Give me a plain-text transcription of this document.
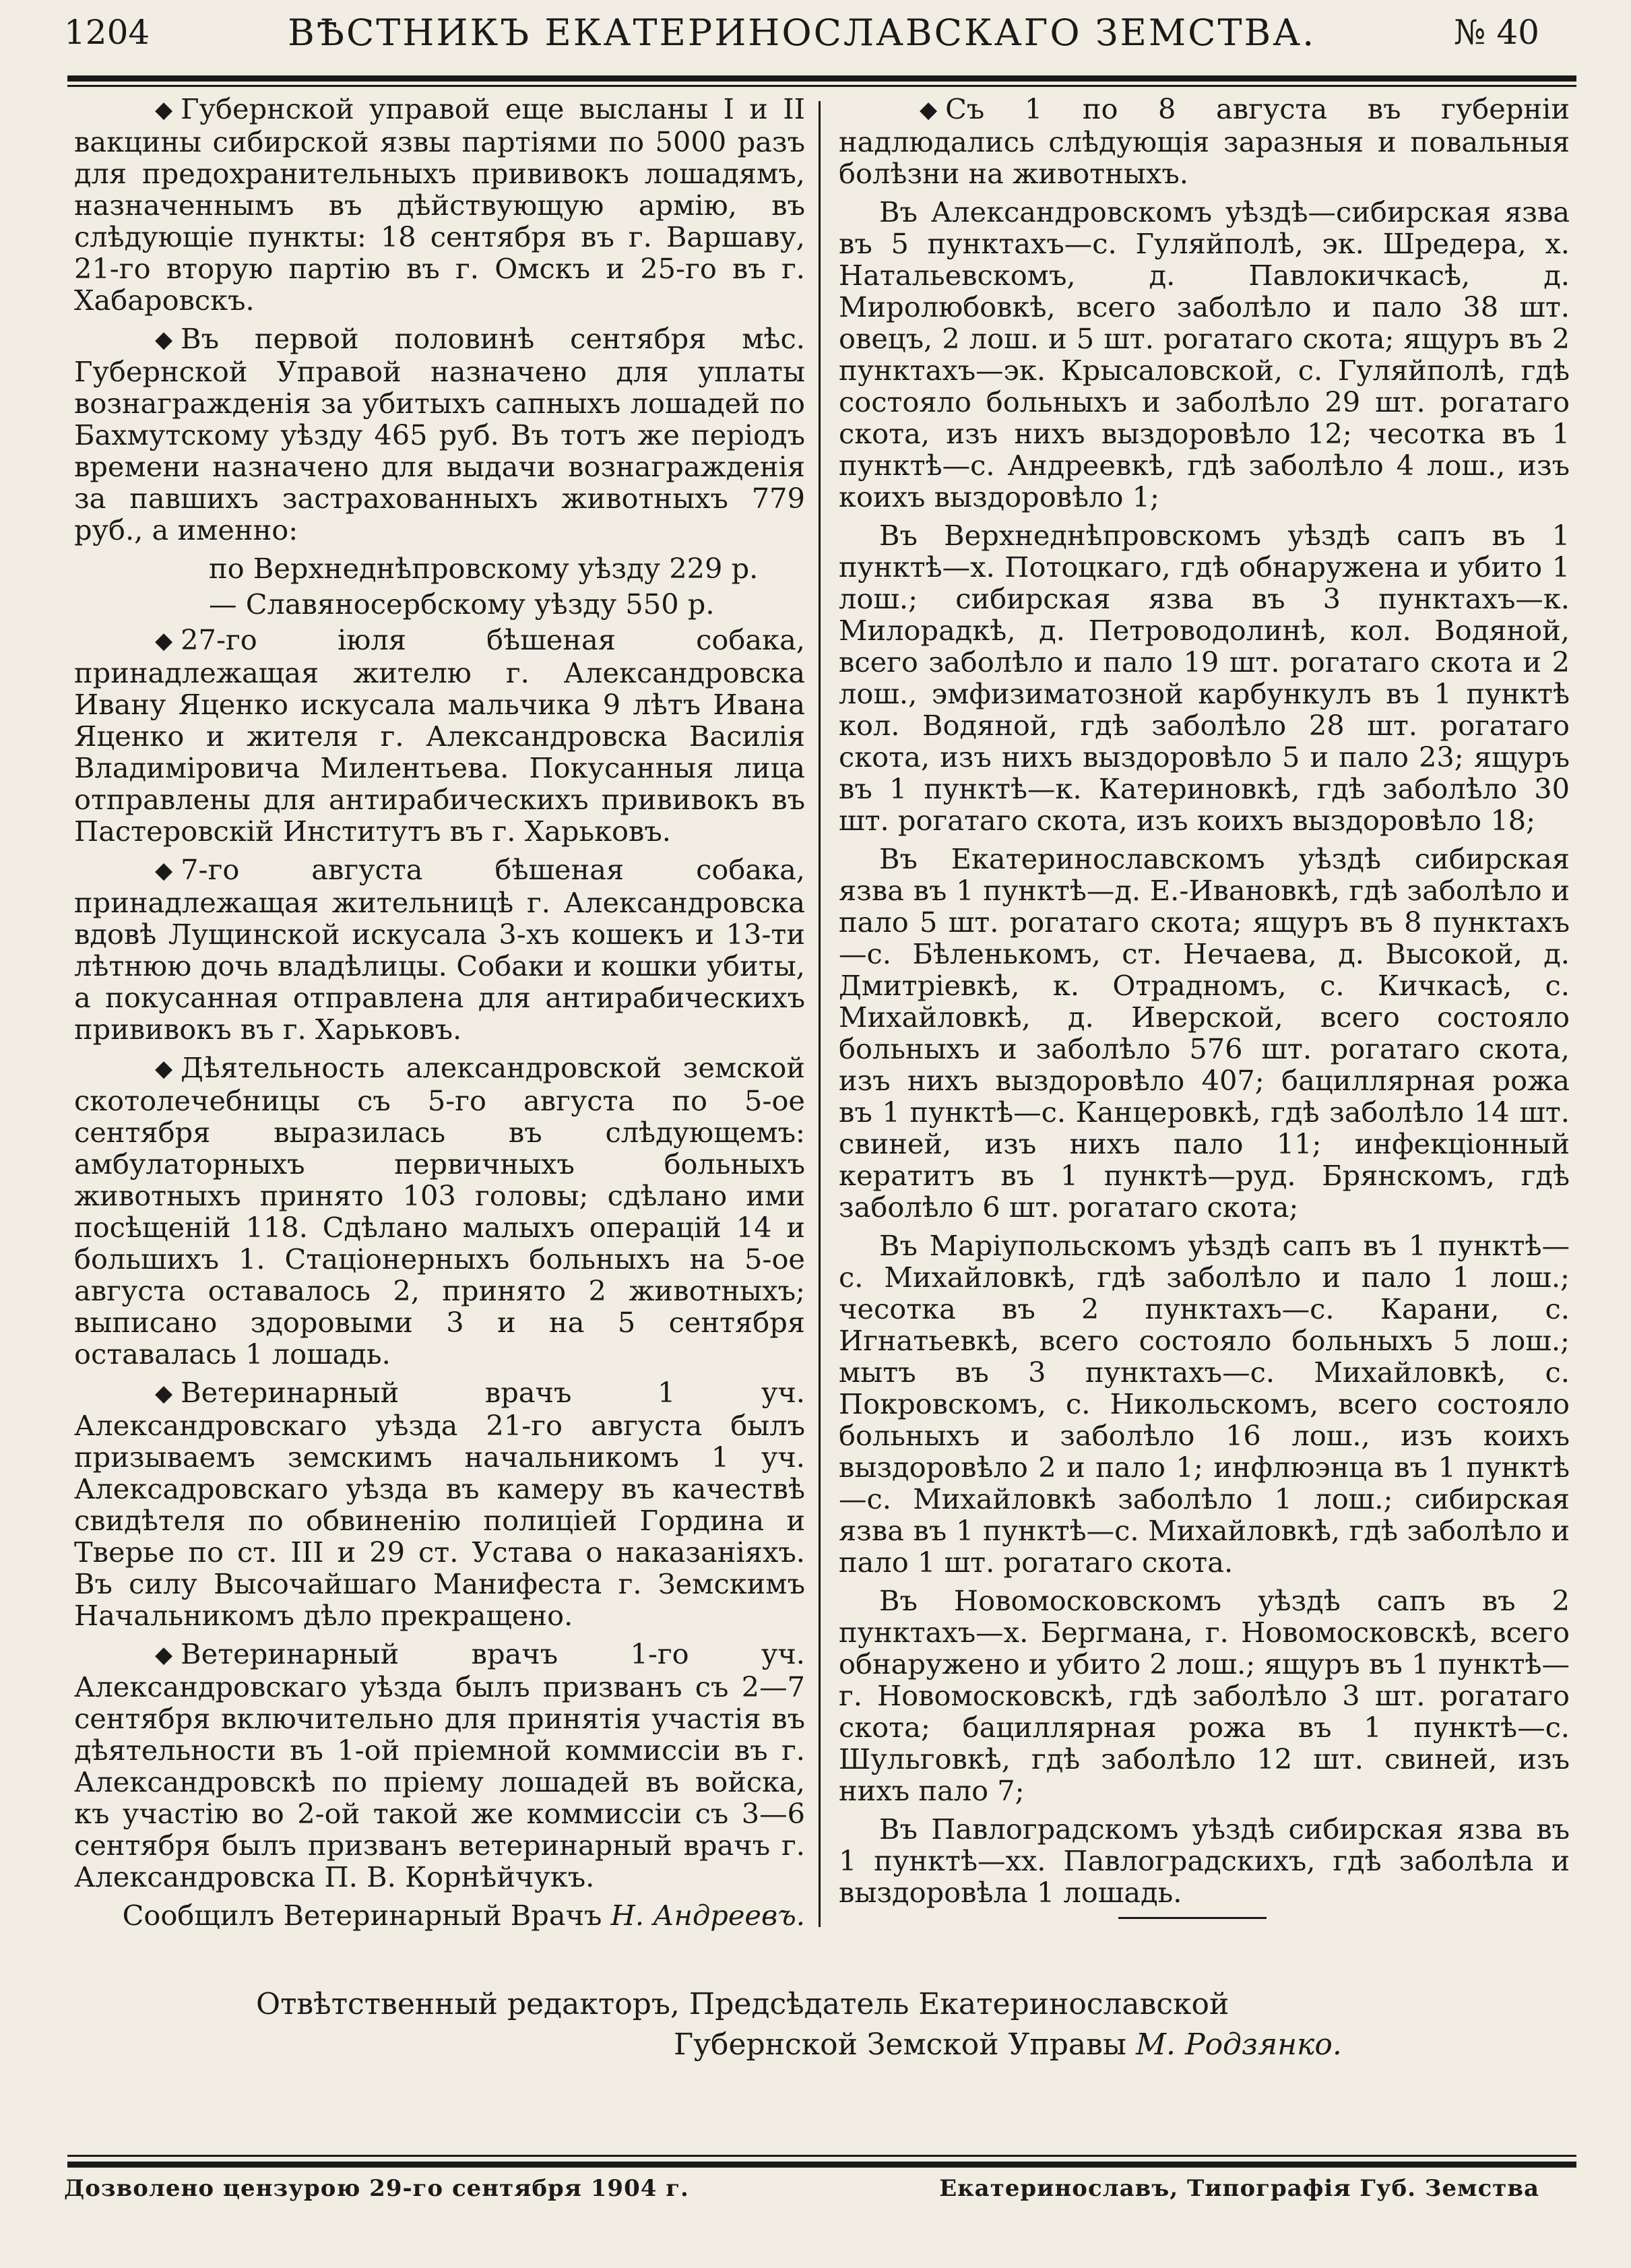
1204	ВѢСТНИКЪ ЕКАТЕРИНОСЛАВСКАГО ЗЕМСТВА.	№ 40

◆ Губернской управой еще высланы I и II вакцины сибирской язвы партіями по 5000 разъ для предохранительныхъ прививокъ лошадямъ, назначеннымъ въ дѣйствующую армію, въ слѣдующіе пункты: 18 сентября въ г. Варшаву, 21-го вторую партію въ г. Омскъ и 25-го въ г. Хабаровскъ.

◆ Въ первой половинѣ сентября мѣс. Губернской Управой назначено для уплаты вознагражденія за убитыхъ сапныхъ лошадей по Бахмутскому уѣзду 465 руб. Въ тотъ же періодъ времени назначено для выдачи вознагражденія за павшихъ застрахованныхъ животныхъ 779 руб., а именно:

по Верхнеднѣпровскому уѣзду 229 р.

— Славяносербскому уѣзду 550 р.

◆ 27-го іюля бѣшеная собака, принадлежащая жителю г. Александровска Ивану Яценко искусала мальчика 9 лѣтъ Ивана Яценко и жителя г. Александровска Василія Владиміровича Милентьева. Покусанныя лица отправлены для антирабическихъ прививокъ въ Пастеровскій Институтъ въ г. Харьковъ.

◆ 7-го августа бѣшеная собака, принадлежащая жительницѣ г. Александровска вдовѣ Лущинской искусала 3-хъ кошекъ и 13-ти лѣтнюю дочь владѣлицы. Собаки и кошки убиты, а покусанная отправлена для антирабическихъ прививокъ въ г. Харьковъ.

◆ Дѣятельность александровской земской скотолечебницы съ 5-го августа по 5-ое сентября выразилась въ слѣдующемъ: амбулаторныхъ первичныхъ больныхъ животныхъ принято 103 головы; сдѣлано ими посѣщеній 118. Сдѣлано малыхъ операцій 14 и большихъ 1. Стаціонерныхъ больныхъ на 5-ое августа оставалось 2, принято 2 животныхъ; выписано здоровыми 3 и на 5 сентября оставалась 1 лошадь.

◆ Ветеринарный врачъ 1 уч. Александровскаго уѣзда 21-го августа былъ призываемъ земскимъ начальникомъ 1 уч. Алексадровскаго уѣзда въ камеру въ качествѣ свидѣтеля по обвиненію полиціей Гордина и Тверье по ст. III и 29 ст. Устава о наказаніяхъ. Въ силу Высочайшаго Манифеста г. Земскимъ Начальникомъ дѣло прекращено.

◆ Ветеринарный врачъ 1-го уч. Александровскаго уѣзда былъ призванъ съ 2—7 сентября включительно для принятія участія въ дѣятельности въ 1-ой пріемной коммиссіи въ г. Александровскѣ по пріему лошадей въ войска, къ участію во 2-ой такой же коммиссіи съ 3—6 сентября былъ призванъ ветеринарный врачъ г. Александровска П. В. Корнѣйчукъ.

Сообщилъ Ветеринарный Врачъ Н. Андреевъ.

◆ Съ 1 по 8 августа въ губерніи надлюдались слѣдующія заразныя и повальныя болѣзни на животныхъ.

Въ Александровскомъ уѣздѣ—сибирская язва въ 5 пунктахъ—с. Гуляйполѣ, эк. Шредера, х. Натальевскомъ, д. Павлокичкасѣ, д. Миролюбовкѣ, всего заболѣло и пало 38 шт. овецъ, 2 лош. и 5 шт. рогатаго скота; ящуръ въ 2 пунктахъ—эк. Крысаловской, с. Гуляйполѣ, гдѣ состояло больныхъ и заболѣло 29 шт. рогатаго скота, изъ нихъ выздоровѣло 12; чесотка въ 1 пунктѣ—с. Андреевкѣ, гдѣ заболѣло 4 лош., изъ коихъ выздоровѣло 1;

Въ Верхнеднѣпровскомъ уѣздѣ сапъ въ 1 пунктѣ—х. Потоцкаго, гдѣ обнаружена и убито 1 лош.; сибирская язва въ 3 пунктахъ—к. Милорадкѣ, д. Петроводолинѣ, кол. Водяной, всего заболѣло и пало 19 шт. рогатаго скота и 2 лош., эмфизиматозной карбункулъ въ 1 пунктѣ кол. Водяной, гдѣ заболѣло 28 шт. рогатаго скота, изъ нихъ выздоровѣло 5 и пало 23; ящуръ въ 1 пунктѣ—к. Катериновкѣ, гдѣ заболѣло 30 шт. рогатаго скота, изъ коихъ выздоровѣло 18;

Въ Екатеринославскомъ уѣздѣ сибирская язва въ 1 пунктѣ—д. Е.-Ивановкѣ, гдѣ заболѣло и пало 5 шт. рогатаго скота; ящуръ въ 8 пунктахъ—с. Бѣленькомъ, ст. Нечаева, д. Высокой, д. Дмитріевкѣ, к. Отрадномъ, с. Кичкасѣ, с. Михайловкѣ, д. Иверской, всего состояло больныхъ и заболѣло 576 шт. рогатаго скота, изъ нихъ выздоровѣло 407; бациллярная рожа въ 1 пунктѣ—с. Канцеровкѣ, гдѣ заболѣло 14 шт. свиней, изъ нихъ пало 11; инфекціонный кератитъ въ 1 пунктѣ—руд. Брянскомъ, гдѣ заболѣло 6 шт. рогатаго скота;

Въ Маріупольскомъ уѣздѣ сапъ въ 1 пунктѣ—с. Михайловкѣ, гдѣ заболѣло и пало 1 лош.; чесотка въ 2 пунктахъ—с. Карани, с. Игнатьевкѣ, всего состояло больныхъ 5 лош.; мытъ въ 3 пунктахъ—с. Михайловкѣ, с. Покровскомъ, с. Никольскомъ, всего состояло больныхъ и заболѣло 16 лош., изъ коихъ выздоровѣло 2 и пало 1; инфлюэнца въ 1 пунктѣ—с. Михайловкѣ заболѣло 1 лош.; сибирская язва въ 1 пунктѣ—с. Михайловкѣ, гдѣ заболѣло и пало 1 шт. рогатаго скота.

Въ Новомосковскомъ уѣздѣ сапъ въ 2 пунктахъ—х. Бергмана, г. Новомосковскѣ, всего обнаружено и убито 2 лош.; ящуръ въ 1 пунктѣ—г. Новомосковскѣ, гдѣ заболѣло 3 шт. рогатаго скота; бациллярная рожа въ 1 пунктѣ—с. Шульговкѣ, гдѣ заболѣло 12 шт. свиней, изъ нихъ пало 7;

Въ Павлоградскомъ уѣздѣ сибирская язва въ 1 пунктѣ—хх. Павлоградскихъ, гдѣ заболѣла и выздоровѣла 1 лошадь.

Отвѣтственный редакторъ, Предсѣдатель Екатеринославской
Губернской Земской Управы М. Родзянко.
Дозволено цензурою 29-го сентября 1904 г.	Екатеринославъ, Типографія Губ. Земства
